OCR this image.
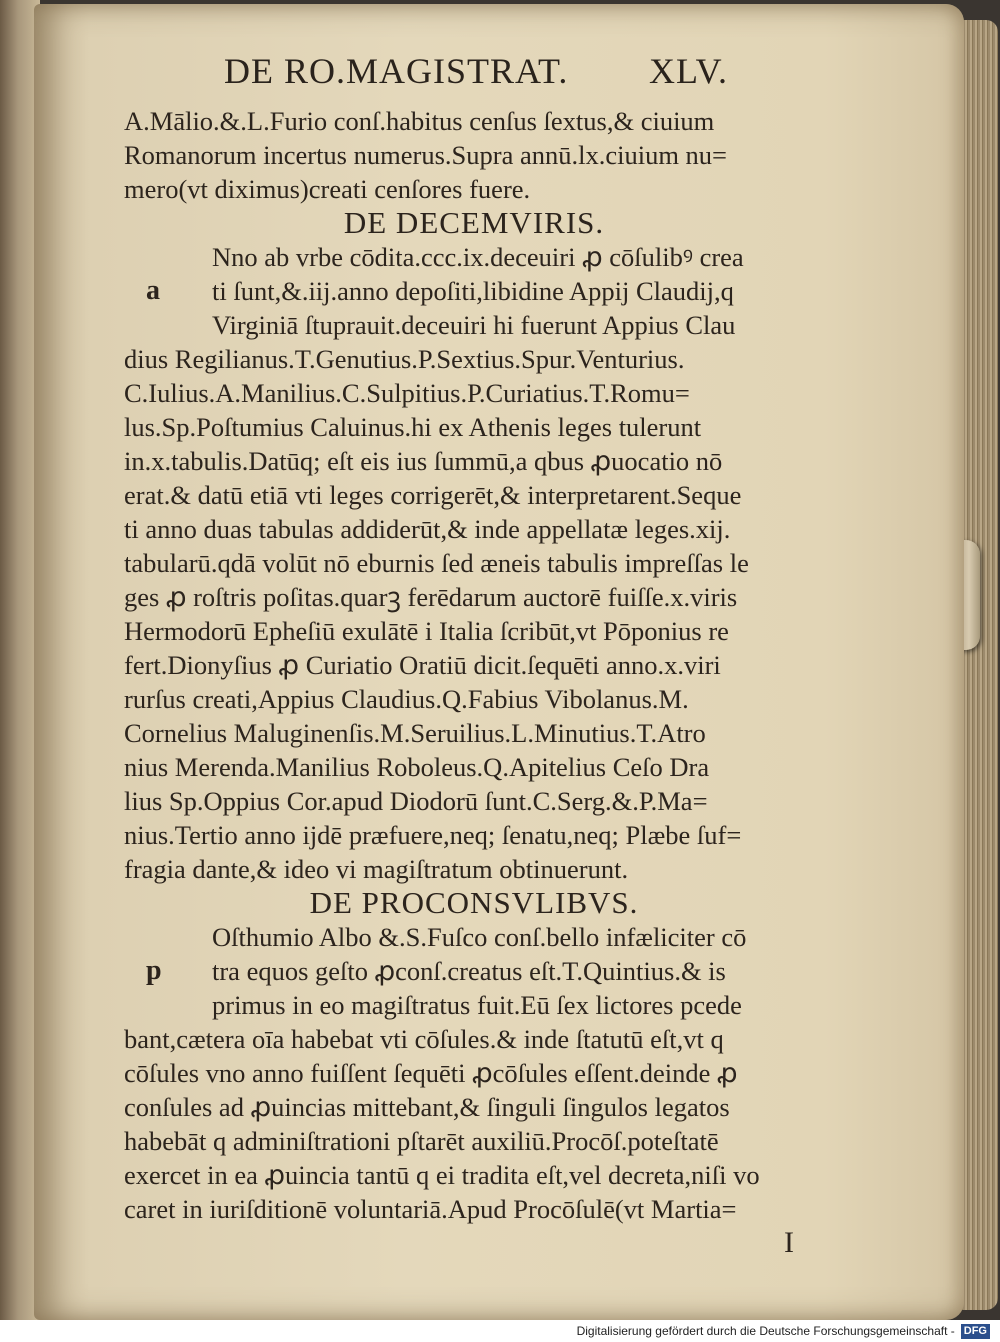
DE RO.MAGISTRAT. XLV.
A.Mālio.&.L.Furio conſ.habitus cenſus ſextus,& ciuium
Romanorum incertus numerus.Supra annū.lx.ciuium nu=
mero(vt diximus)creati cenſores fuere.
DE DECEMVIRIS.
Nno ab vrbe cōdita.ccc.ix.deceuiri ꝓ cōſulibꝰ crea
ti ſunt,&.iij.anno depoſiti,libidine Appij Claudij,q
Virginiā ſtuprauit.deceuiri hi fuerunt Appius Clau
dius Regilianus.T.Genutius.P.Sextius.Spur.Venturius.
C.Iulius.A.Manilius.C.Sulpitius.P.Curiatius.T.Romu=
lus.Sp.Poſtumius Caluinus.hi ex Athenis leges tulerunt
in.x.tabulis.Datūq; eſt eis ius ſummū,a qbus ꝓuocatio nō
erat.& datū etiā vti leges corrigerēt,& interpretarent.Seque
ti anno duas tabulas addiderūt,& inde appellatæ leges.xij.
tabularū.qdā volūt nō eburnis ſed æneis tabulis impreſſas le
ges ꝓ roſtris poſitas.quarꝫ ferēdarum auctorē fuiſſe.x.viris
Hermodorū Epheſiū exulātē i Italia ſcribūt,vt Pōponius re
fert.Dionyſius ꝓ Curiatio Oratiū dicit.ſequēti anno.x.viri
rurſus creati,Appius Claudius.Q.Fabius Vibolanus.M.
Cornelius Maluginenſis.M.Seruilius.L.Minutius.T.Atro
nius Merenda.Manilius Roboleus.Q.Apitelius Ceſo Dra
lius Sp.Oppius Cor.apud Diodorū ſunt.C.Serg.&.P.Ma=
nius.Tertio anno ijdē præfuere,neq; ſenatu,neq; Plæbe ſuf=
fragia dante,& ideo vi magiſtratum obtinuerunt.
a
DE PROCONSVLIBVS.
Oſthumio Albo &.S.Fuſco conſ.bello infæliciter cō
tra equos geſto ꝓconſ.creatus eſt.T.Quintius.& is
primus in eo magiſtratus fuit.Eū ſex lictores pcede
bant,cætera oīa habebat vti cōſules.& inde ſtatutū eſt,vt q
cōſules vno anno fuiſſent ſequēti ꝓcōſules eſſent.deinde ꝓ
conſules ad ꝓuincias mittebant,& ſinguli ſingulos legatos
habebāt q adminiſtrationi pſtarēt auxiliū.Procōſ.poteſtatē
exercet in ea ꝓuincia tantū q ei tradita eſt,vel decreta,niſi vo
caret in iuriſditionē voluntariā.Apud Procōſulē(vt Martia=
p
I
Digitalisierung gefördert durch die Deutsche Forschungsgemeinschaft - DFG
